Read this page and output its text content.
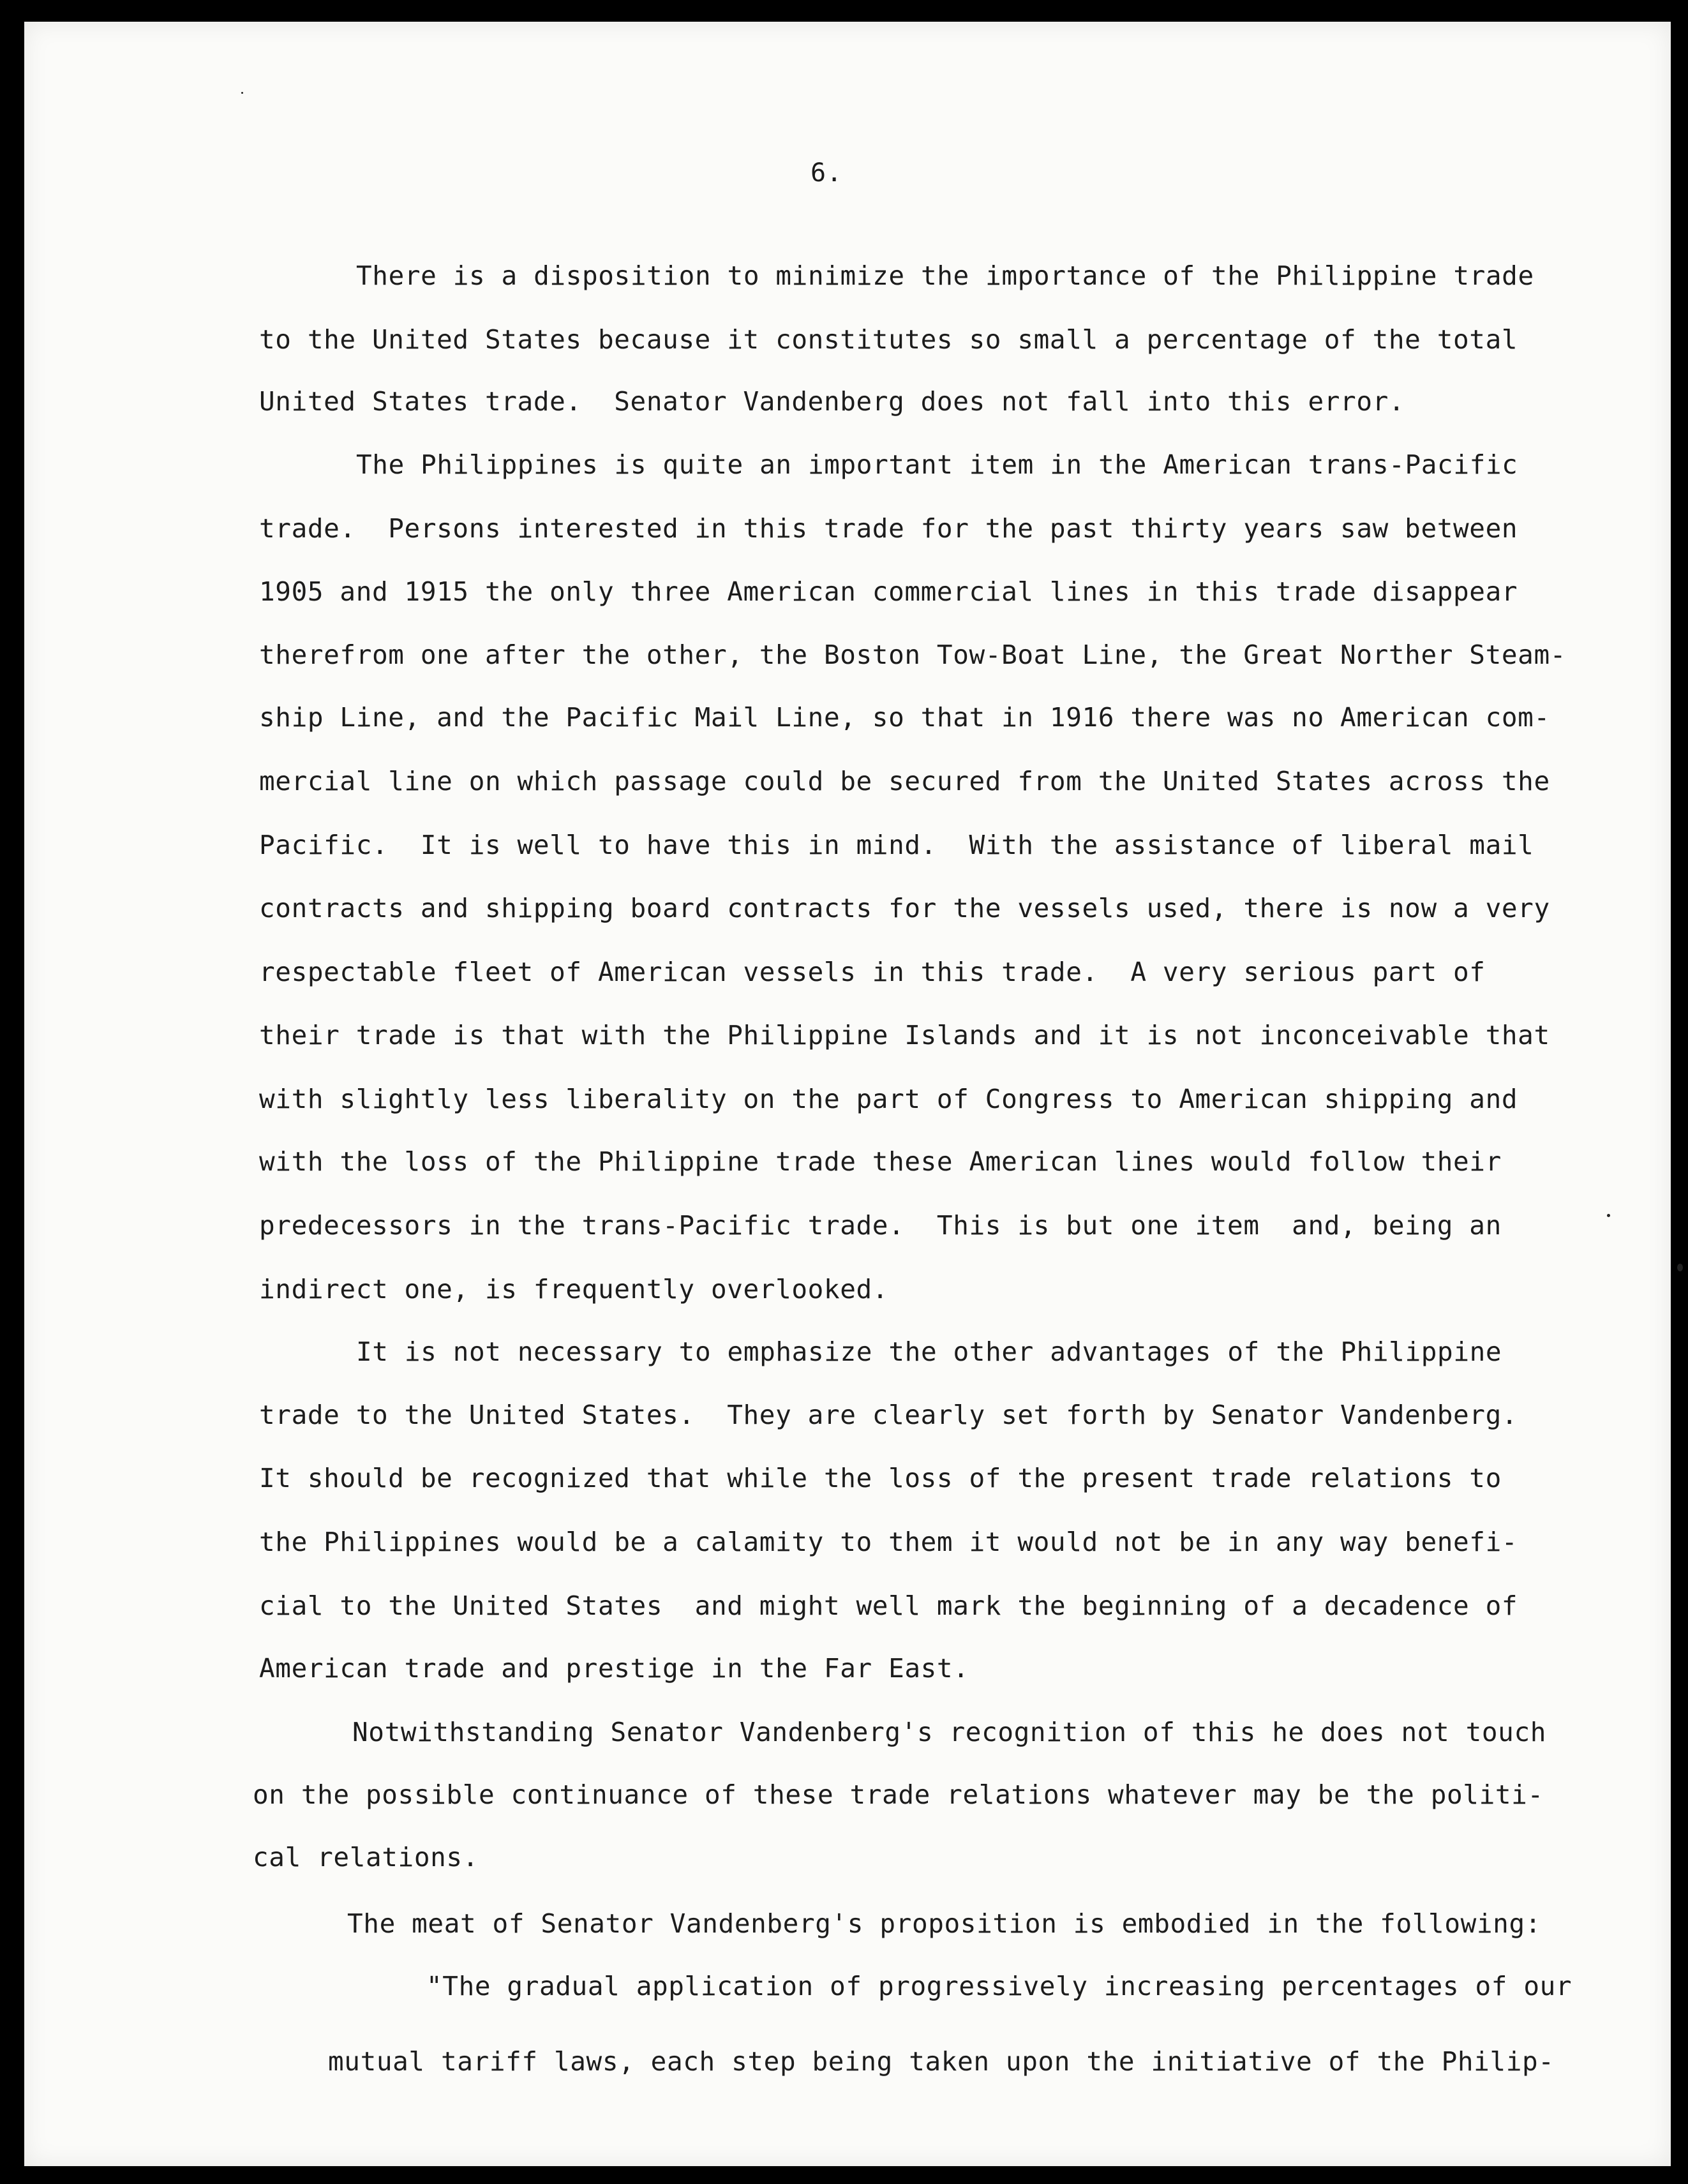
6.
There is a disposition to minimize the importance of the Philippine trade
to the United States because it constitutes so small a percentage of the total
United States trade.  Senator Vandenberg does not fall into this error.
The Philippines is quite an important item in the American trans-Pacific
trade.  Persons interested in this trade for the past thirty years saw between
1905 and 1915 the only three American commercial lines in this trade disappear
therefrom one after the other, the Boston Tow-Boat Line, the Great Norther Steam-
ship Line, and the Pacific Mail Line, so that in 1916 there was no American com-
mercial line on which passage could be secured from the United States across the
Pacific.  It is well to have this in mind.  With the assistance of liberal mail
contracts and shipping board contracts for the vessels used, there is now a very
respectable fleet of American vessels in this trade.  A very serious part of
their trade is that with the Philippine Islands and it is not inconceivable that
with slightly less liberality on the part of Congress to American shipping and
with the loss of the Philippine trade these American lines would follow their
predecessors in the trans-Pacific trade.  This is but one item  and, being an
indirect one, is frequently overlooked.
It is not necessary to emphasize the other advantages of the Philippine
trade to the United States.  They are clearly set forth by Senator Vandenberg.
It should be recognized that while the loss of the present trade relations to
the Philippines would be a calamity to them it would not be in any way benefi-
cial to the United States  and might well mark the beginning of a decadence of
American trade and prestige in the Far East.
Notwithstanding Senator Vandenberg's recognition of this he does not touch
on the possible continuance of these trade relations whatever may be the politi-
cal relations.
The meat of Senator Vandenberg's proposition is embodied in the following:
"The gradual application of progressively increasing percentages of our
mutual tariff laws, each step being taken upon the initiative of the Philip-
